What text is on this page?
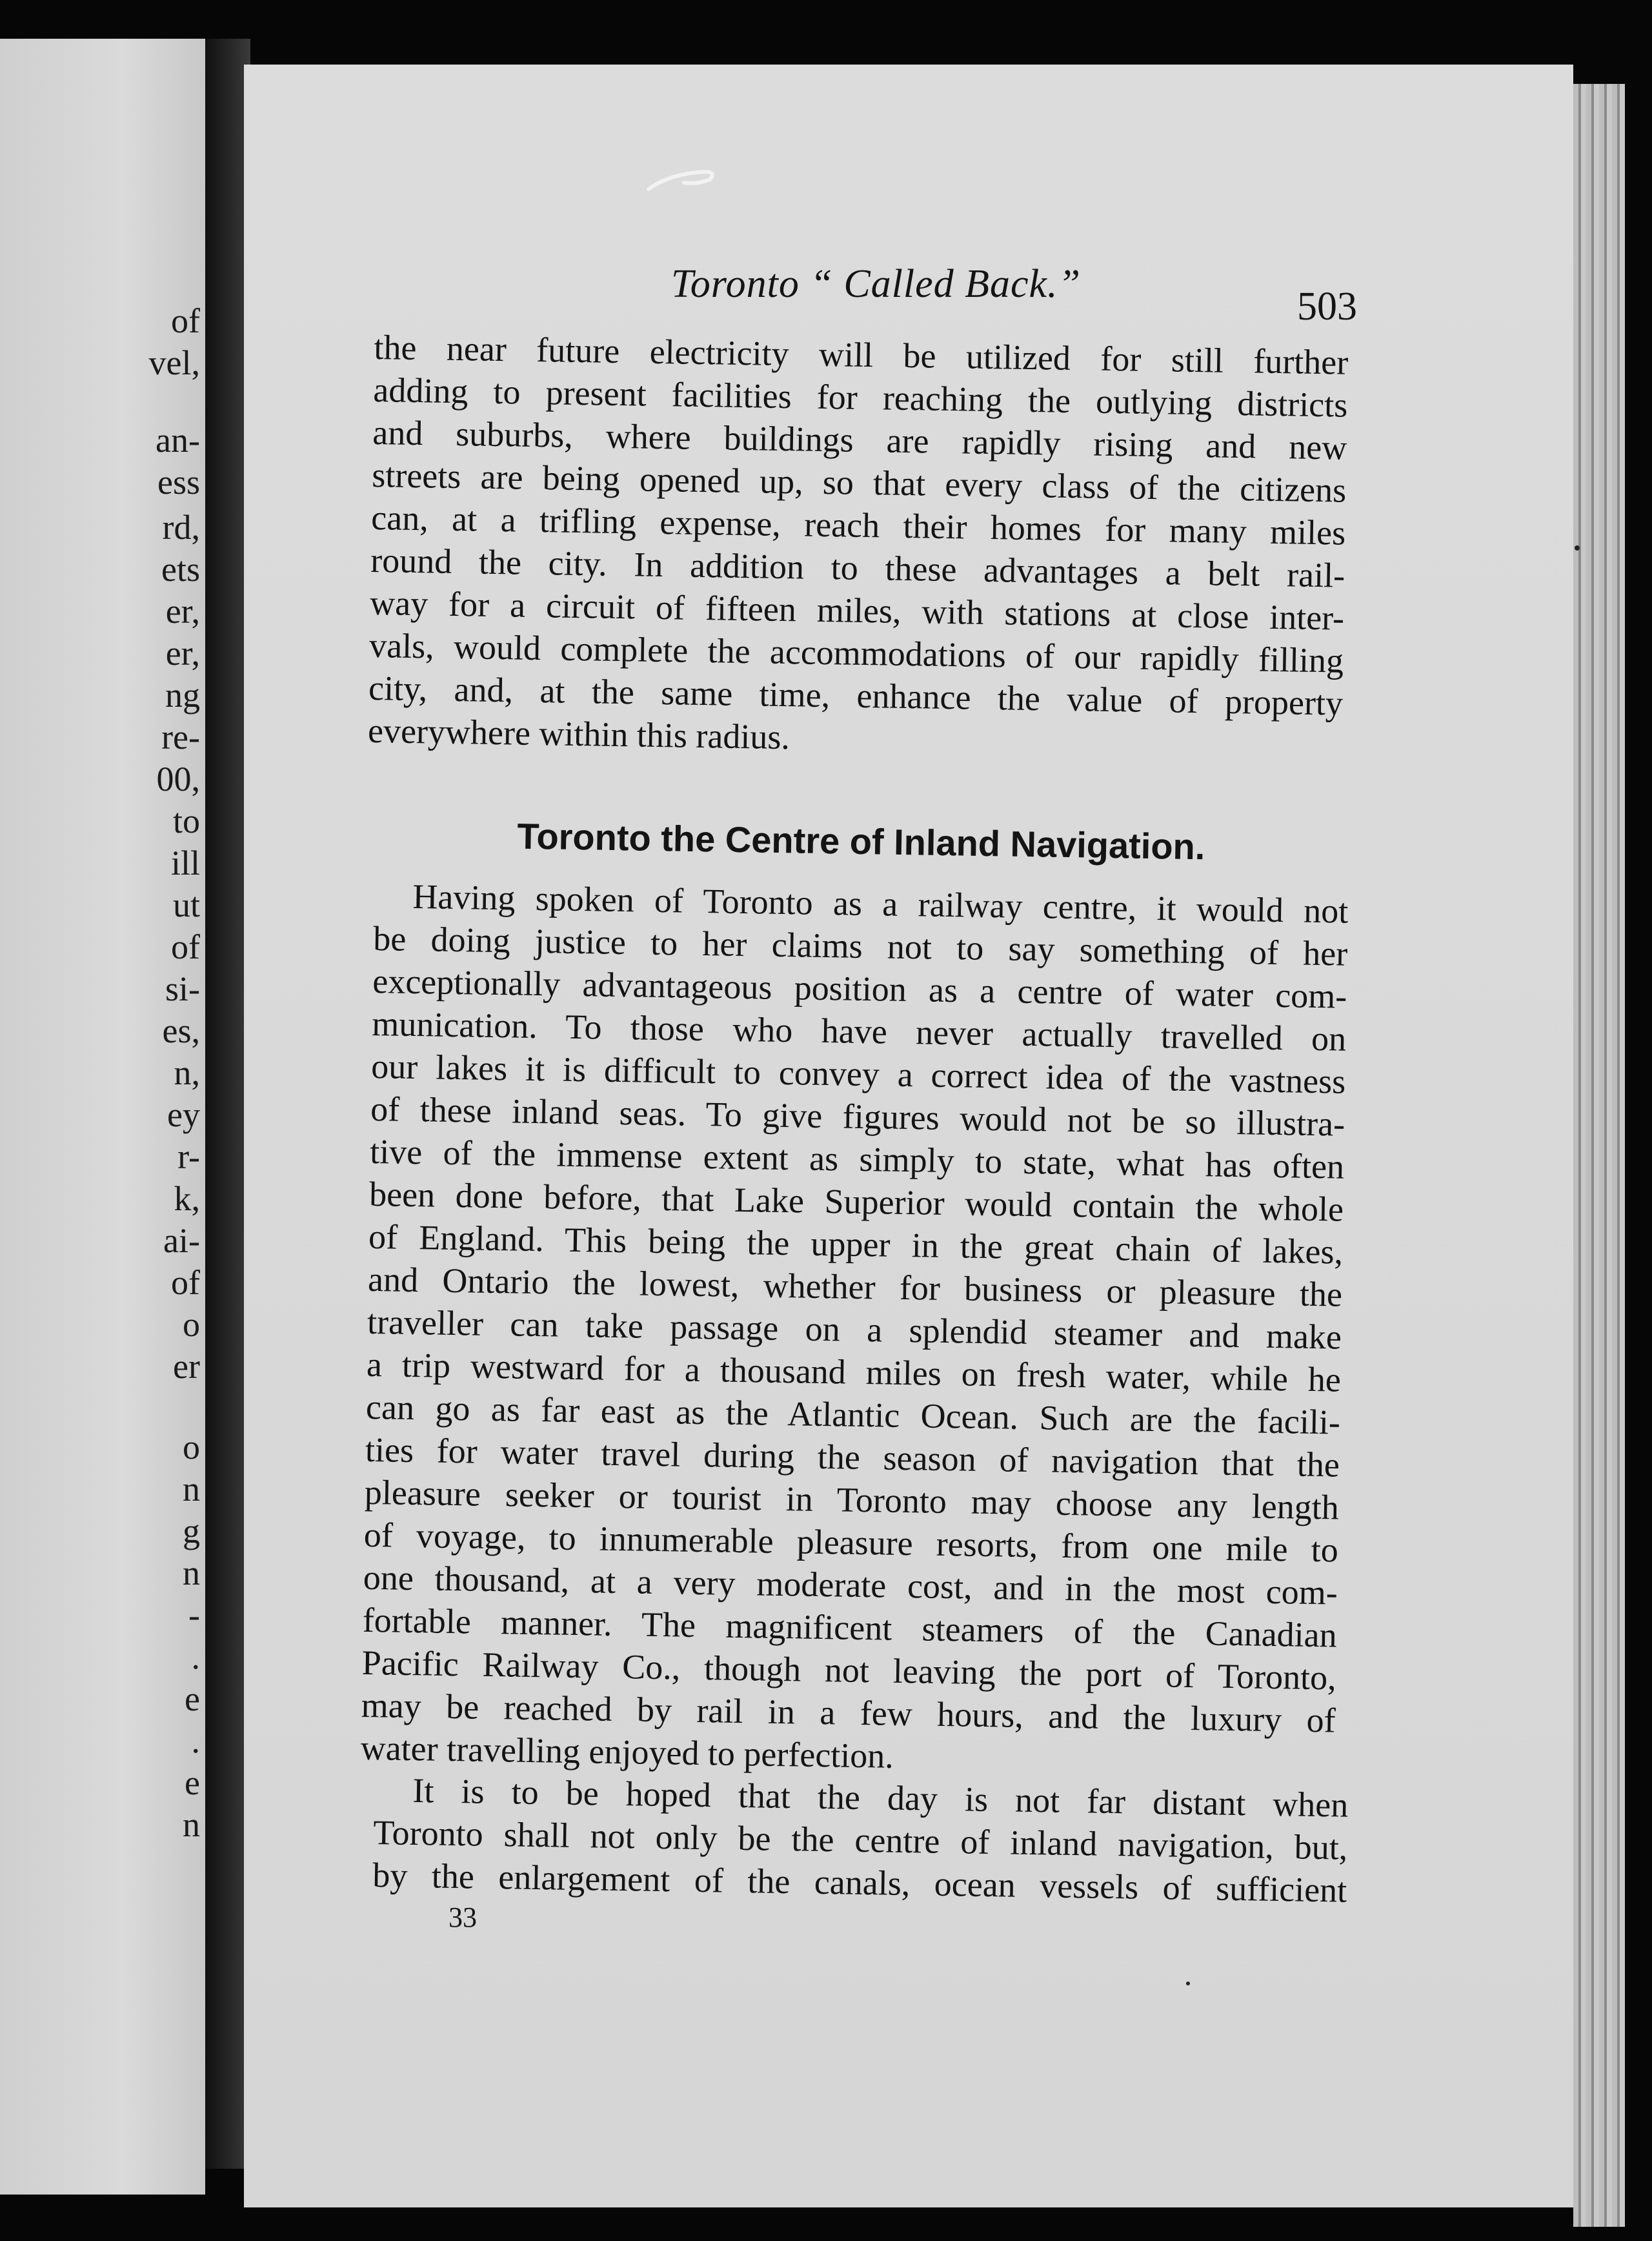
of
vel,
an-
ess
rd,
ets
er,
er,
ng
re-
00,
to
ill
ut
of
si-
es,
n,
ey
r-
k,
ai-
of
o
er
o
n
g
n
-
.
e
.
e
n
Toronto “ Called Back.”
503
the near future electricity will be utilized for still further
adding to present facilities for reaching the outlying districts
and suburbs, where buildings are rapidly rising and new
streets are being opened up, so that every class of the citizens
can, at a trifling expense, reach their homes for many miles
round the city. In addition to these advantages a belt rail-
way for a circuit of fifteen miles, with stations at close inter-
vals, would complete the accommodations of our rapidly filling
city, and, at the same time, enhance the value of property
everywhere within this radius.
Toronto the Centre of Inland Navigation.
Having spoken of Toronto as a railway centre, it would not
be doing justice to her claims not to say something of her
exceptionally advantageous position as a centre of water com-
munication. To those who have never actually travelled on
our lakes it is difficult to convey a correct idea of the vastness
of these inland seas. To give figures would not be so illustra-
tive of the immense extent as simply to state, what has often
been done before, that Lake Superior would contain the whole
of England. This being the upper in the great chain of lakes,
and Ontario the lowest, whether for business or pleasure the
traveller can take passage on a splendid steamer and make
a trip westward for a thousand miles on fresh water, while he
can go as far east as the Atlantic Ocean. Such are the facili-
ties for water travel during the season of navigation that the
pleasure seeker or tourist in Toronto may choose any length
of voyage, to innumerable pleasure resorts, from one mile to
one thousand, at a very moderate cost, and in the most com-
fortable manner. The magnificent steamers of the Canadian
Pacific Railway Co., though not leaving the port of Toronto,
may be reached by rail in a few hours, and the luxury of
water travelling enjoyed to perfection.
It is to be hoped that the day is not far distant when
Toronto shall not only be the centre of inland navigation, but,
by the enlargement of the canals, ocean vessels of sufficient
33
